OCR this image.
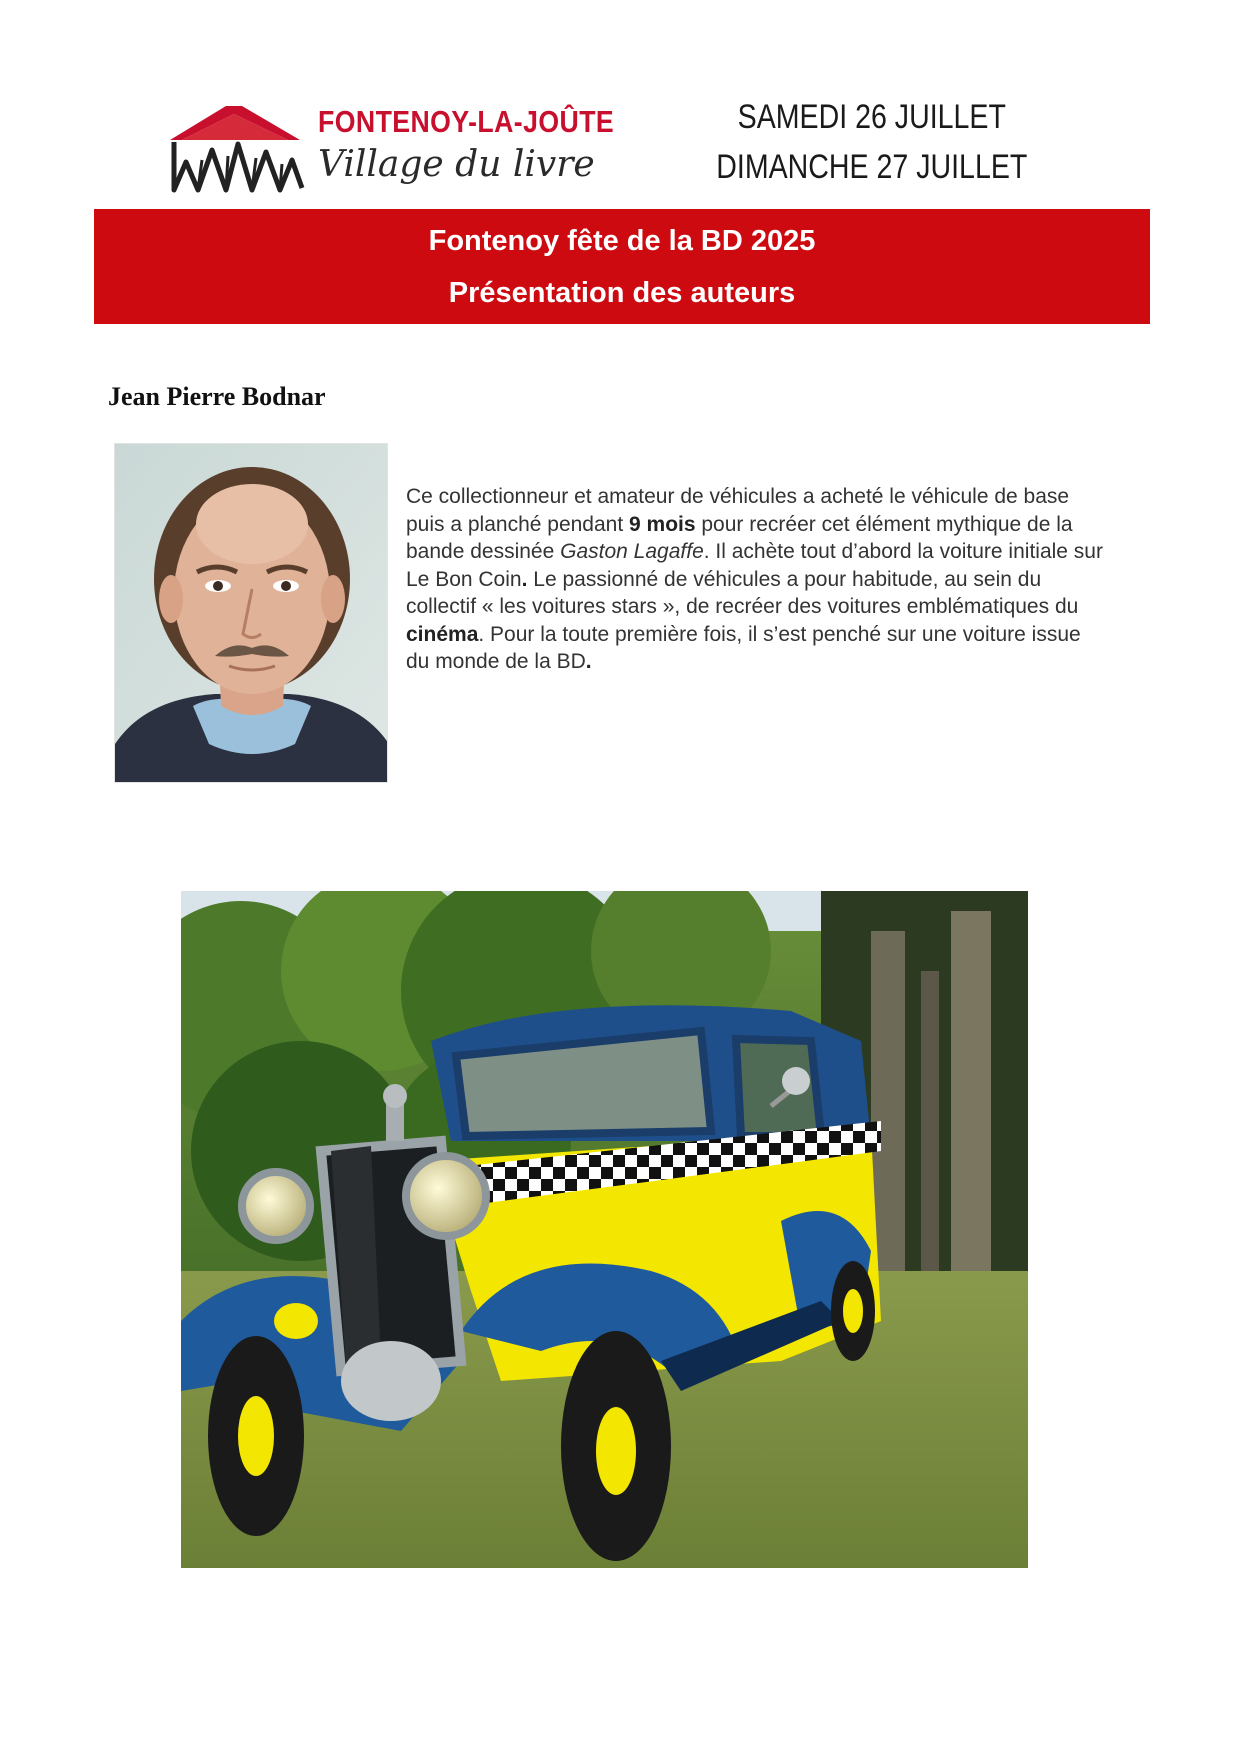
FONTENOY-LA-JOÛTE
Village du livre
SAMEDI 26 JUILLET
DIMANCHE 27 JUILLET
Fontenoy fête de la BD 2025
Présentation des auteurs
Jean Pierre Bodnar

Ce collectionneur et amateur de véhicules a acheté le véhicule de base puis a planché pendant 9 mois pour recréer cet élément mythique de la bande dessinée Gaston Lagaffe. Il achète tout d’abord la voiture initiale sur Le Bon Coin. Le passionné de véhicules a pour habitude, au sein du collectif « les voitures stars », de recréer des voitures emblématiques du cinéma. Pour la toute première fois, il s’est penché sur une voiture issue du monde de la BD.
